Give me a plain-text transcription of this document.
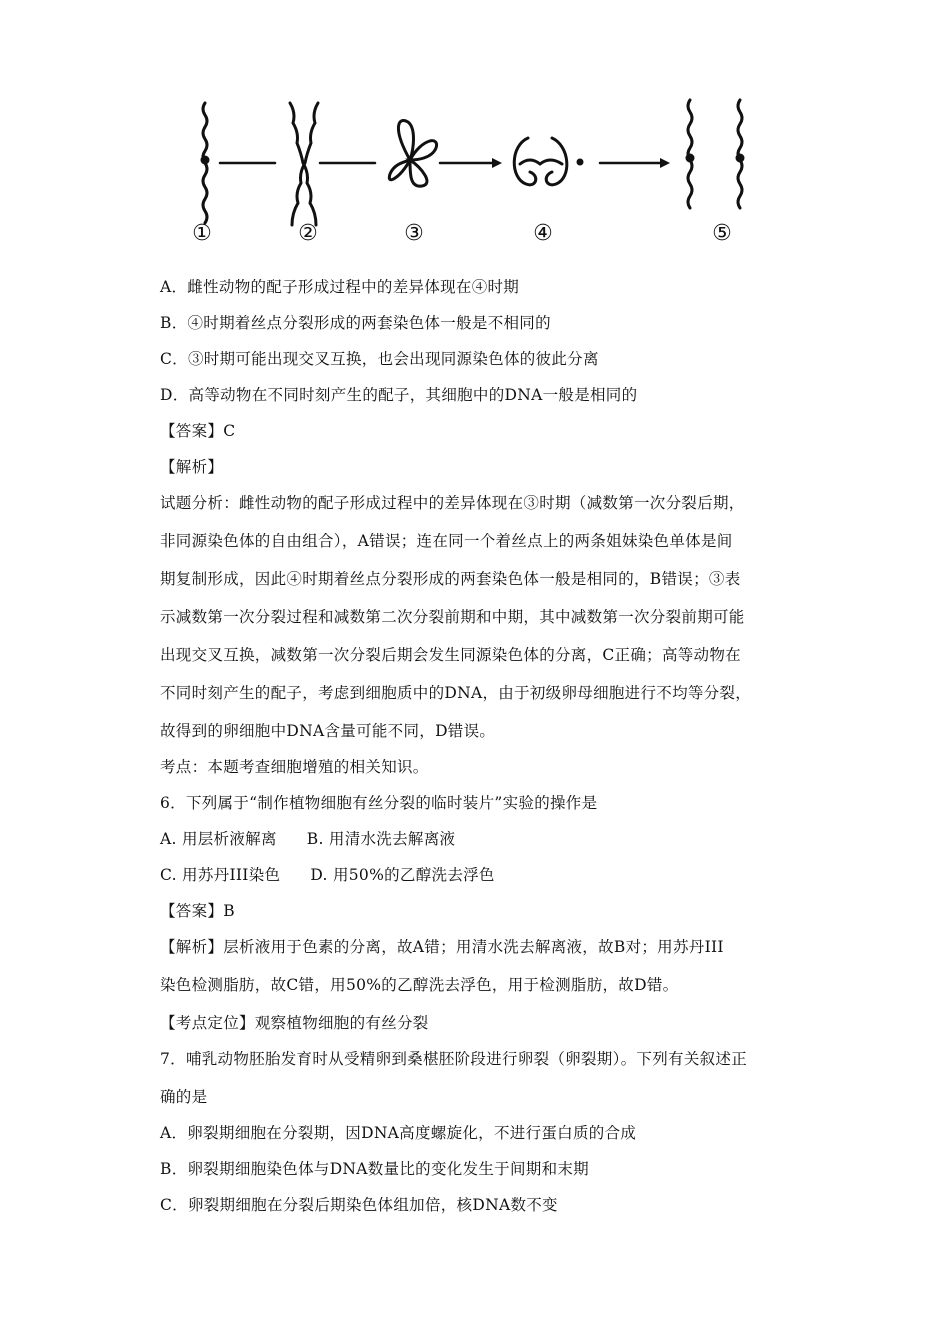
①	②	③	④	⑤
A．雌性动物的配子形成过程中的差异体现在④时期
B．④时期着丝点分裂形成的两套染色体一般是不相同的
C．③时期可能出现交叉互换，也会出现同源染色体的彼此分离
D．高等动物在不同时刻产生的配子，其细胞中的DNA一般是相同的
【答案】C
【解析】
试题分析：雌性动物的配子形成过程中的差异体现在③时期（减数第一次分裂后期，
非同源染色体的自由组合），A错误；连在同一个着丝点上的两条姐妹染色单体是间
期复制形成，因此④时期着丝点分裂形成的两套染色体一般是相同的，B错误；③表
示减数第一次分裂过程和减数第二次分裂前期和中期，其中减数第一次分裂前期可能
出现交叉互换，减数第一次分裂后期会发生同源染色体的分离，C正确；高等动物在
不同时刻产生的配子，考虑到细胞质中的DNA，由于初级卵母细胞进行不均等分裂，
故得到的卵细胞中DNA含量可能不同，D错误。
考点：本题考查细胞增殖的相关知识。
6．下列属于“制作植物细胞有丝分裂的临时装片”实验的操作是
A. 用层析液解离 B. 用清水洗去解离液
C. 用苏丹III染色 D. 用50%的乙醇洗去浮色
【答案】B
【解析】层析液用于色素的分离，故A错；用清水洗去解离液，故B对；用苏丹III
染色检测脂肪，故C错，用50%的乙醇洗去浮色，用于检测脂肪，故D错。
【考点定位】观察植物细胞的有丝分裂
7．哺乳动物胚胎发育时从受精卵到桑椹胚阶段进行卵裂（卵裂期）。下列有关叙述正
确的是
A．卵裂期细胞在分裂期，因DNA高度螺旋化，不进行蛋白质的合成
B．卵裂期细胞染色体与DNA数量比的变化发生于间期和末期
C．卵裂期细胞在分裂后期染色体组加倍，核DNA数不变
